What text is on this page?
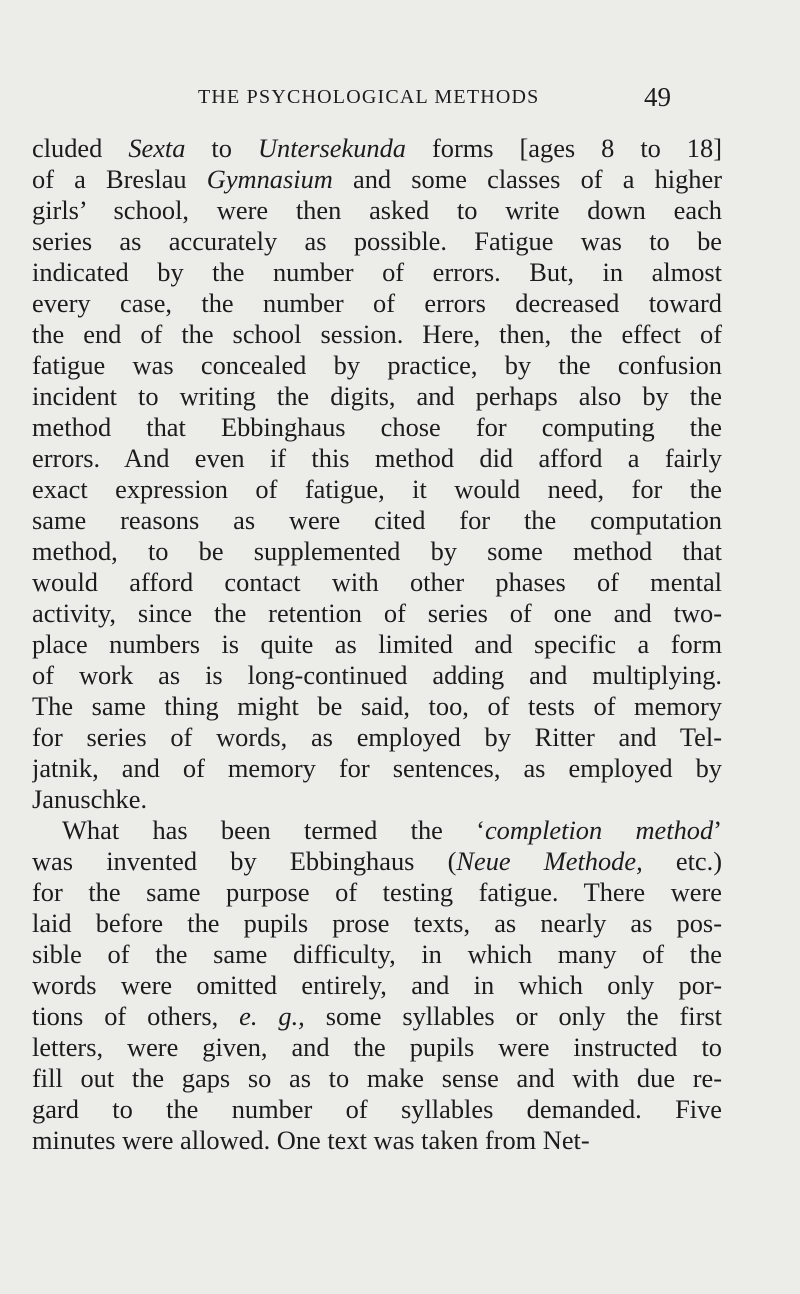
THE PSYCHOLOGICAL METHODS	49
cluded Sexta to Untersekunda forms [ages 8 to 18]
of a Breslau Gymnasium and some classes of a higher
girls’ school, were then asked to write down each
series as accurately as possible. Fatigue was to be
indicated by the number of errors. But, in almost
every case, the number of errors decreased toward
the end of the school session. Here, then, the effect of
fatigue was concealed by practice, by the confusion
incident to writing the digits, and perhaps also by the
method that Ebbinghaus chose for computing the
errors. And even if this method did afford a fairly
exact expression of fatigue, it would need, for the
same reasons as were cited for the computation
method, to be supplemented by some method that
would afford contact with other phases of mental
activity, since the retention of series of one and two-
place numbers is quite as limited and specific a form
of work as is long-continued adding and multiplying.
The same thing might be said, too, of tests of memory
for series of words, as employed by Ritter and Tel-
jatnik, and of memory for sentences, as employed by
Januschke.
What has been termed the ‘completion method’
was invented by Ebbinghaus (Neue Methode, etc.)
for the same purpose of testing fatigue. There were
laid before the pupils prose texts, as nearly as pos-
sible of the same difficulty, in which many of the
words were omitted entirely, and in which only por-
tions of others, e. g., some syllables or only the first
letters, were given, and the pupils were instructed to
fill out the gaps so as to make sense and with due re-
gard to the number of syllables demanded. Five
minutes were allowed. One text was taken from Net-
